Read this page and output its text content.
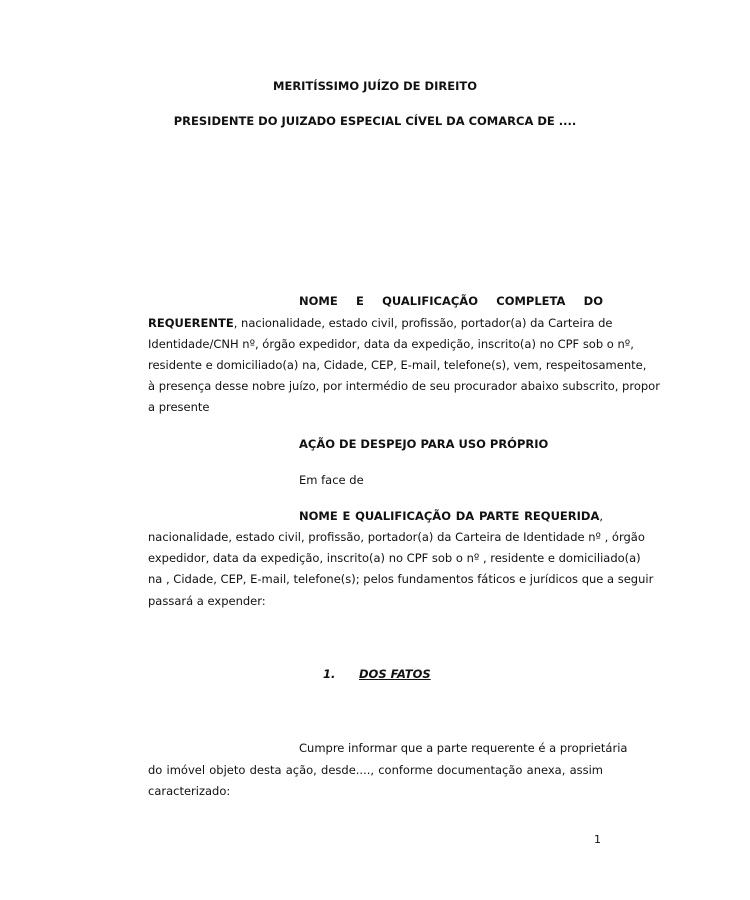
MERITÍSSIMO JUÍZO DE DIREITO
PRESIDENTE DO JUIZADO ESPECIAL CÍVEL DA COMARCA DE ....
NOME E QUALIFICAÇÃO COMPLETA DO
REQUERENTE , nacionalidade, estado civil, profissão, portador(a) da Carteira de
Identidade/CNH nº, órgão expedidor, data da expedição, inscrito(a) no CPF sob o nº,
residente e domiciliado(a) na, Cidade, CEP, E-mail, telefone(s), vem, respeitosamente,
à presença desse nobre juízo, por intermédio de seu procurador abaixo subscrito, propor
a presente
AÇÃO DE DESPEJO PARA USO PRÓPRIO
Em face de
NOME E QUALIFICAÇÃO DA PARTE REQUERIDA ,
nacionalidade, estado civil, profissão, portador(a) da Carteira de Identidade nº , órgão
expedidor, data da expedição, inscrito(a) no CPF sob o nº , residente e domiciliado(a)
na , Cidade, CEP, E-mail, telefone(s); pelos fundamentos fáticos e jurídicos que a seguir
passará a expender:
1. DOS FATOS
Cumpre informar que a parte requerente é a proprietária
do imóvel objeto desta ação, desde...., conforme documentação anexa, assim
caracterizado:
1
